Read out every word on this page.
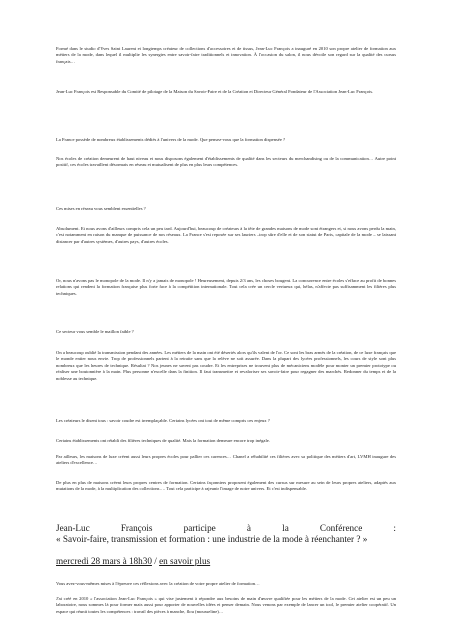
Formé dans le studio d'Yves Saint Laurent et longtemps créateur de collections d'accessoires et de tissus, Jean-Luc François a inauguré en 2010 son propre atelier de formation aux métiers de la mode, dans lequel il multiplie les synergies entre savoir-faire traditionnels et innovation. À l'occasion du salon, il nous dévoile son regard sur la qualité des cursus français…

Jean-Luc François est Responsable du Comité de pilotage de la Maison du Savoir-Faire et de la Création et Directeur Général Fondateur de l'Association Jean-Luc François.

La France possède de nombreux établissements dédiés à l'univers de la mode. Que pensez-vous que la formation dispensée ?

Nos écoles de création demeurent de haut niveau et nous disposons également d'établissements de qualité dans les secteurs du merchandising ou de la communication… Autre point positif, ces écoles travaillent désormais en réseau et mutualisent de plus en plus leurs compétences.

Ces mises en réseau vous semblent essentielles ?

Absolument. Et nous avons d'ailleurs compris cela un peu tard. Aujourd'hui, beaucoup de créateurs à la tête de grandes maisons de mode sont étrangers et, si nous avons perdu la main, c'est notamment en raison du manque de puissance de nos réseaux. La France s'est reposée sur ses lauriers –trop sûre d'elle et de son statut de Paris, capitale de la mode – se laissant distancer par d'autres systèmes, d'autres pays, d'autres écoles.

Or, nous n'avons pas le monopole de la mode. Il n'y a jamais de monopole ! Heureusement, depuis 2/3 ans, les choses bougent. La concurrence entre écoles s'efface au profit de bonnes relations qui rendent la formation française plus forte face à la compétition internationale. Tout cela crée un cercle vertueux qui, hélas, n'affecte pas suffisamment les filières plus techniques.

Ce secteur vous semble le maillon faible ?

On a beaucoup oublié la transmission pendant des années. Les métiers de la main ont été désertés alors qu'ils valent de l'or. Ce sont les bras armés de la création, de ce luxe français que le monde entier nous envie. Trop de professionnels partent à la retraite sans que la relève ne soit assurée. Dans la plupart des lycées professionnels, les cours de style sont plus nombreux que les heures de technique. Résultat ? Nos jeunes ne savent pas coudre. Et les entreprises ne trouvent plus de mécaniciens modèle pour monter un premier prototype ou réaliser une boutonnière à la main. Plus personne n'excelle dans la finition. Il faut transmettre et revaloriser ses savoir-faire pour regagner des marchés. Redonner du temps et de la noblesse au technique.

Les créateurs le disent tous : savoir coudre est irremplaçable. Certains lycées ont tout de même compris ces enjeux ?

Certains établissements ont rétabli des filières techniques de qualité. Mais la formation demeure encore trop inégale.

Par ailleurs, les maisons de luxe créent aussi leurs propres écoles pour pallier ces carences… Chanel a réhabilité ces filières avec sa politique des métiers d'art, LVMH inaugure des ateliers d'excellence…

De plus en plus de maisons créent leurs propres centres de formation. Certains façonniers proposent également des cursus sur mesure au sein de leurs propres ateliers, adaptés aux mutations de la mode, à la multiplication des collections…. Tout cela participe à rajeunir l'image de notre univers. Et c'est indispensable.

Jean-Luc François participe à la Conférence :

« Savoir-faire, transmission et formation : une industrie de la mode à réenchanter ? »

mercredi 28 mars à 18h30 / en savoir plus

Vous avez-vous-mêmes mises à l'épreuve ces réflexions avec la création de votre propre atelier de formation…

J'ai créé en 2010 « l'association Jean-Luc François » qui vise justement à répondre aux besoins de main d'œuvre qualifiée pour les métiers de la mode. Cet atelier est un peu un laboratoire, nous sommes là pour former mais aussi pour apporter de nouvelles idées et penser demain. Nous venons par exemple de lancer un tool, le premier atelier coopératif. Un espace qui réunit toutes les compétences : travail des pièces à manche, flou (mousseline)…
